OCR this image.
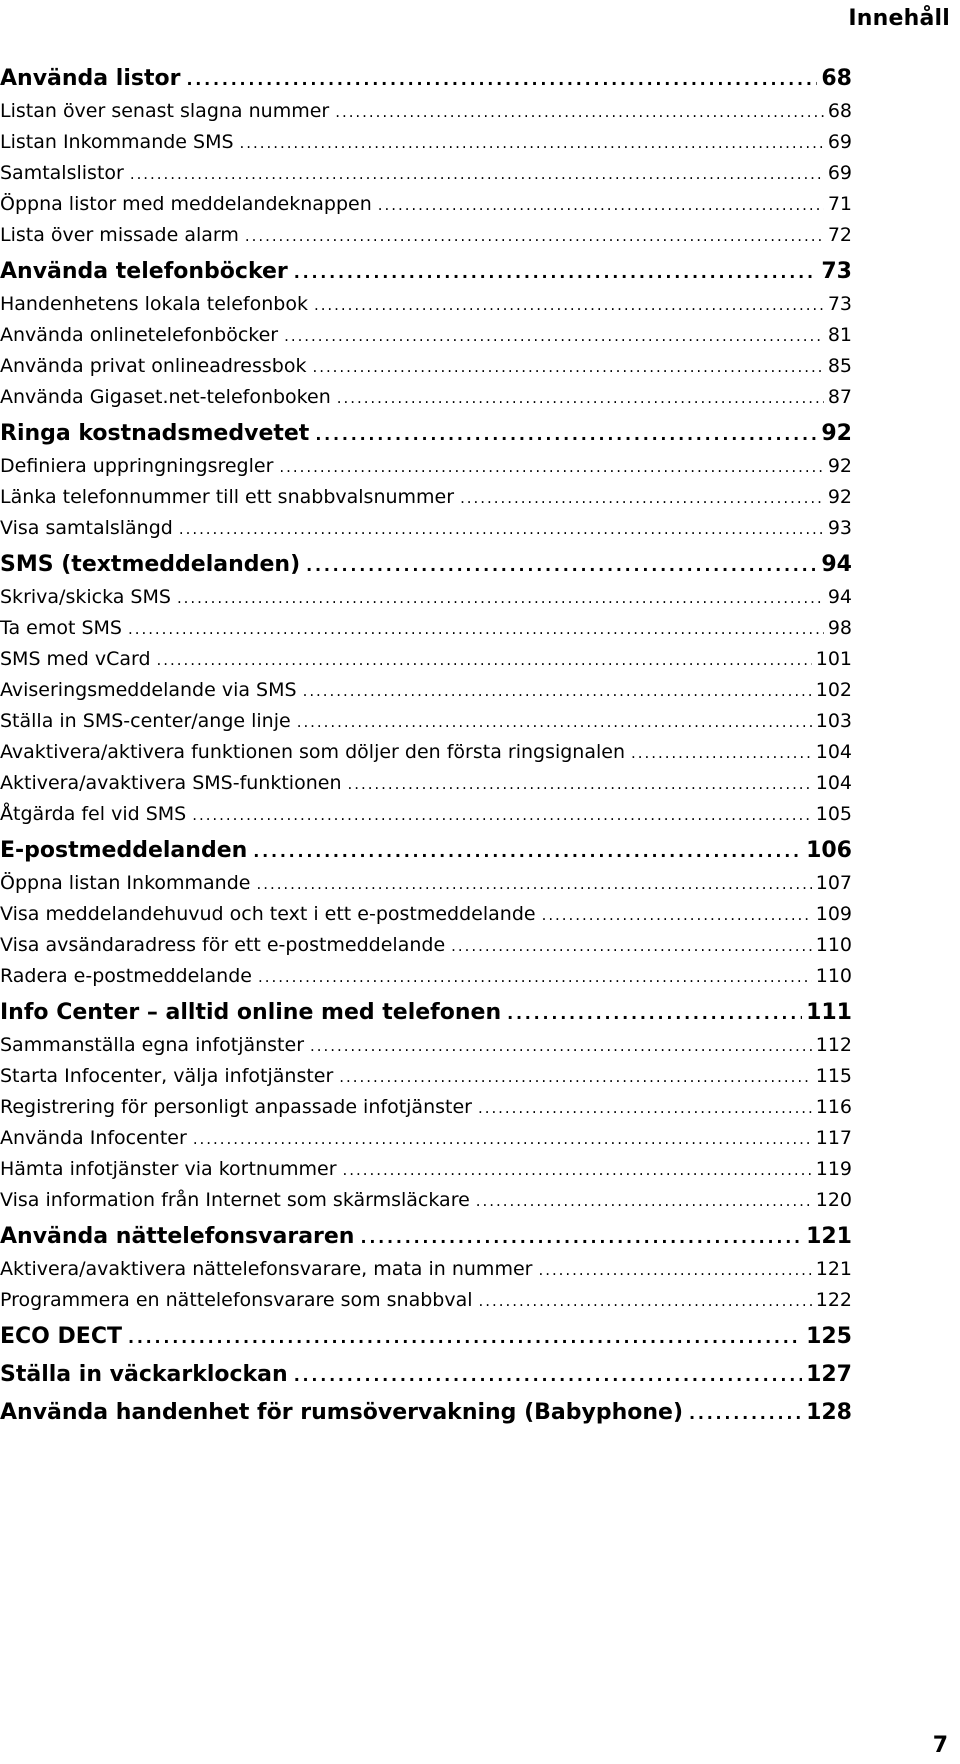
Innehåll
Använda listor . . .	68
Listan över senast slagna nummer . . .	68
Listan Inkommande SMS . . .	69
Samtalslistor . . .	69
Öppna listor med meddelandeknappen . . .	71
Lista över missade alarm . . .	72
Använda telefonböcker . . .	73
Handenhetens lokala telefonbok . . .	73
Använda onlinetelefonböcker . . .	81
Använda privat onlineadressbok . . .	85
Använda Gigaset.net-telefonboken . . .	87
Ringa kostnadsmedvetet . . .	92
Definiera uppringningsregler . . .	92
Länka telefonnummer till ett snabbvalsnummer . . .	92
Visa samtalslängd . . .	93
SMS (textmeddelanden) . . .	94
Skriva/skicka SMS . . .	94
Ta emot SMS . . .	98
SMS med vCard . . .	101
Aviseringsmeddelande via SMS . . .	102
Ställa in SMS-center/ange linje . . .	103
Avaktivera/aktivera funktionen som döljer den första ringsignalen . . .	104
Aktivera/avaktivera SMS-funktionen . . .	104
Åtgärda fel vid SMS . . .	105
E-postmeddelanden . . .	106
Öppna listan Inkommande . . .	107
Visa meddelandehuvud och text i ett e-postmeddelande . . .	109
Visa avsändaradress för ett e-postmeddelande . . .	110
Radera e-postmeddelande . . .	110
Info Center – alltid online med telefonen . . .	111
Sammanställa egna infotjänster . . .	112
Starta Infocenter, välja infotjänster . . .	115
Registrering för personligt anpassade infotjänster . . .	116
Använda Infocenter . . .	117
Hämta infotjänster via kortnummer . . .	119
Visa information från Internet som skärmsläckare . . .	120
Använda nättelefonsvararen . . .	121
Aktivera/avaktivera nättelefonsvarare, mata in nummer . . .	121
Programmera en nättelefonsvarare som snabbval . . .	122
ECO DECT . . .	125
Ställa in väckarklockan . . .	127
Använda handenhet för rumsövervakning (Babyphone) . . .	128
7
